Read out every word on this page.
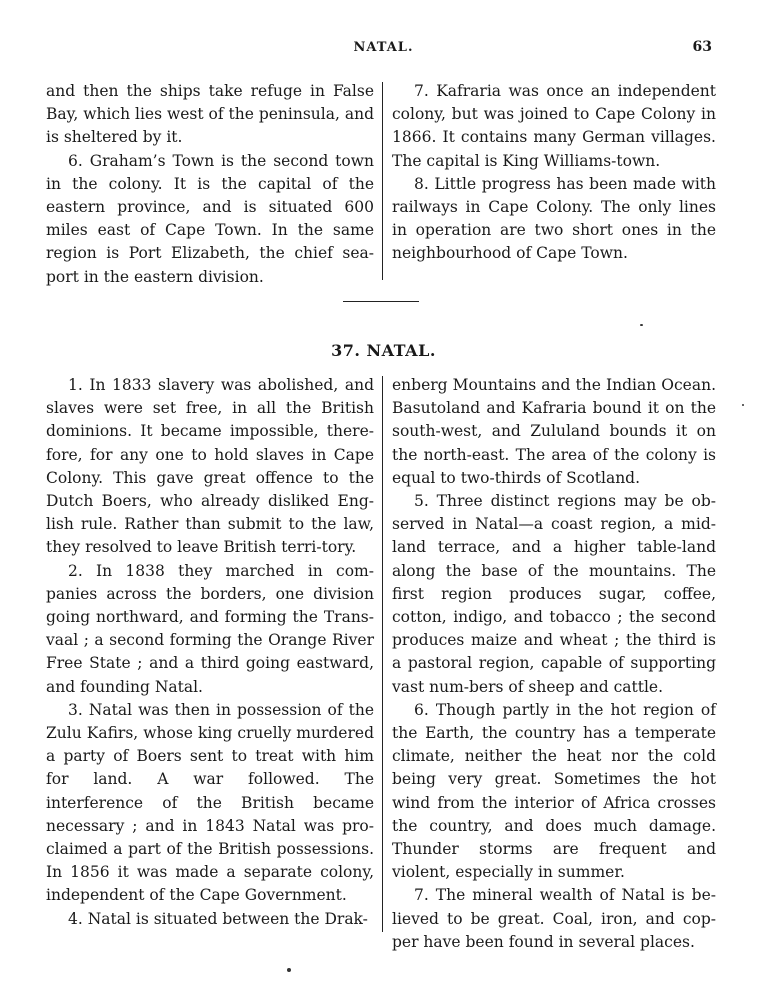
NATAL.	63

and then the ships take refuge in False Bay, which lies west of the peninsula, and is sheltered by it.

6. Graham’s Town is the second town in the colony. It is the capital of the eastern province, and is situated 600 miles east of Cape Town. In the same region is Port Elizabeth, the chief sea-port in the eastern division.

7. Kafraria was once an independent colony, but was joined to Cape Colony in 1866. It contains many German villages. The capital is King Williams-town.

8. Little progress has been made with railways in Cape Colony. The only lines in operation are two short ones in the neighbourhood of Cape Town.

37. NATAL.

1. In 1833 slavery was abolished, and slaves were set free, in all the British dominions. It became impossible, there-fore, for any one to hold slaves in Cape Colony. This gave great offence to the Dutch Boers, who already disliked Eng-lish rule. Rather than submit to the law, they resolved to leave British terri-tory.

2. In 1838 they marched in com-panies across the borders, one division going northward, and forming the Trans-vaal ; a second forming the Orange River Free State ; and a third going eastward, and founding Natal.

3. Natal was then in possession of the Zulu Kafirs, whose king cruelly murdered a party of Boers sent to treat with him for land. A war followed. The interference of the British became necessary ; and in 1843 Natal was pro-claimed a part of the British possessions. In 1856 it was made a separate colony, independent of the Cape Government.

4. Natal is situated between the Drak-

enberg Mountains and the Indian Ocean. Basutoland and Kafraria bound it on the south-west, and Zululand bounds it on the north-east. The area of the colony is equal to two-thirds of Scotland.

5. Three distinct regions may be ob-served in Natal—a coast region, a mid-land terrace, and a higher table-land along the base of the mountains. The first region produces sugar, coffee, cotton, indigo, and tobacco ; the second produces maize and wheat ; the third is a pastoral region, capable of supporting vast num-bers of sheep and cattle.

6. Though partly in the hot region of the Earth, the country has a temperate climate, neither the heat nor the cold being very great. Sometimes the hot wind from the interior of Africa crosses the country, and does much damage. Thunder storms are frequent and violent, especially in summer.

7. The mineral wealth of Natal is be-lieved to be great. Coal, iron, and cop-per have been found in several places.
